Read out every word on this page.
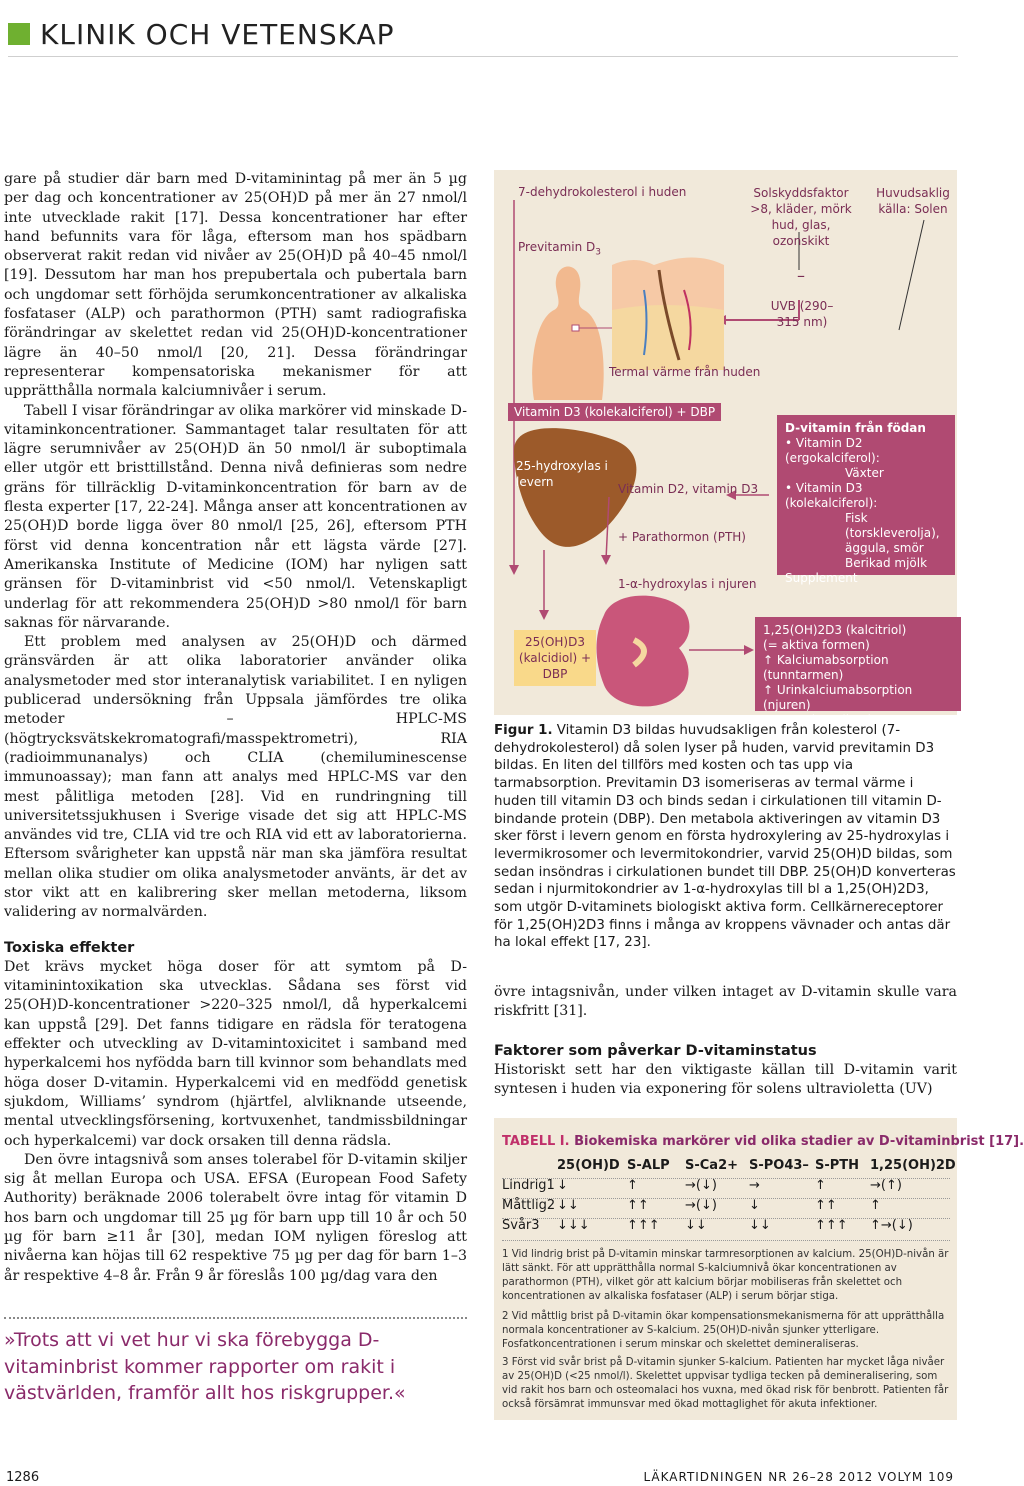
KLINIK OCH VETENSKAP

gare på studier där barn med D-vitaminintag på mer än 5 µg per dag och koncentrationer av 25(OH)D på mer än 27 nmol/l inte utvecklade rakit [17]. Dessa koncentrationer har efter hand befunnits vara för låga, eftersom man hos spädbarn observerat rakit redan vid nivåer av 25(OH)D på 40–45 nmol/l [19]. Dessutom har man hos prepubertala och pubertala barn och ungdomar sett förhöjda serumkoncentrationer av alkaliska fosfataser (ALP) och parathormon (PTH) samt radiografiska förändringar av skelettet redan vid 25(OH)D-koncentrationer lägre än 40–50 nmol/l [20, 21]. Dessa förändringar representerar kompensatoriska mekanismer för att upprätthålla normala kalciumnivåer i serum.

Tabell I visar förändringar av olika markörer vid minskade D-vitaminkoncentrationer. Sammantaget talar resultaten för att lägre serumnivåer av 25(OH)D än 50 nmol/l är suboptimala eller utgör ett bristtillstånd. Denna nivå definieras som nedre gräns för tillräcklig D-vitaminkoncentration för barn av de flesta experter [17, 22-24]. Många anser att koncentrationen av 25(OH)D borde ligga över 80 nmol/l [25, 26], eftersom PTH först vid denna koncentration når ett lägsta värde [27]. Amerikanska Institute of Medicine (IOM) har nyligen satt gränsen för D-vitaminbrist vid <50 nmol/l. Vetenskapligt underlag för att rekommendera 25(OH)D >80 nmol/l för barn saknas för närvarande.

Ett problem med analysen av 25(OH)D och därmed gränsvärden är att olika laboratorier använder olika analysmetoder med stor interanalytisk variabilitet. I en nyligen publicerad undersökning från Uppsala jämfördes tre olika metoder – HPLC-MS (högtrycksvätskekromatografi/masspektrometri), RIA (radioimmunanalys) och CLIA (chemiluminescense immunoassay); man fann att analys med HPLC-MS var den mest pålitliga metoden [28]. Vid en rundringning till universitetssjukhusen i Sverige visade det sig att HPLC-MS användes vid tre, CLIA vid tre och RIA vid ett av laboratorierna. Eftersom svårigheter kan uppstå när man ska jämföra resultat mellan olika studier om olika analysmetoder använts, är det av stor vikt att en kalibrering sker mellan metoderna, liksom validering av normalvärden.

Toxiska effekter

Det krävs mycket höga doser för att symtom på D-vitaminintoxikation ska utvecklas. Sådana ses först vid 25(OH)D-koncentrationer >220–325 nmol/l, då hyperkalcemi kan uppstå [29]. Det fanns tidigare en rädsla för teratogena effekter och utveckling av D-vitamintoxicitet i samband med hyperkalcemi hos nyfödda barn till kvinnor som behandlats med höga doser D-vitamin. Hyperkalcemi vid en medfödd genetisk sjukdom, Williams’ syndrom (hjärtfel, alvliknande utseende, mental utvecklingsförsening, kortvuxenhet, tandmissbildningar och hyperkalcemi) var dock orsaken till denna rädsla.

Den övre intagsnivå som anses tolerabel för D-vitamin skiljer sig åt mellan Europa och USA. EFSA (European Food Safety Authority) beräknade 2006 tolerabelt övre intag för vitamin D hos barn och ungdomar till 25 µg för barn upp till 10 år och 50 µg för barn ≥11 år [30], medan IOM nyligen föreslog att nivåerna kan höjas till 62 respektive 75 µg per dag för barn 1–3 år respektive 4–8 år. Från 9 år föreslås 100 µg/dag vara den

»Trots att vi vet hur vi ska förebygga D-vitaminbrist kommer rapporter om rakit i västvärlden, framför allt hos riskgrupper.«
7-dehydrokolesterol i huden
Previtamin $D_3$
Solskyddsfaktor >8, kläder, mörk hud, glas, ozonskikt
Huvudsaklig källa: Solen
–
UVB (290–315 nm)
Termal värme från huden
Vitamin D3 (kolekalciferol) + DBP
25-hydroxylas i levern	Vitamin D2, vitamin D3
+ Parathormon (PTH)
1-α-hydroxylas i njuren
25(OH)D3 (kalcidiol) + DBP
D-vitamin från födan
• Vitamin D2 (ergokalciferol):
Växter
• Vitamin D3 (kolekalciferol):
Fisk
(torskleverolja),
äggula, smör
Berikad mjölk
Supplement
1,25(OH)2D3 (kalcitriol)
(= aktiva formen)
↑ Kalciumabsorption (tunntarmen)
↑ Urinkalciumabsorption (njuren)
↑ Benmineralisering
Figur 1. Vitamin D3 bildas huvudsakligen från kolesterol (7-dehydrokolesterol) då solen lyser på huden, varvid previtamin D3 bildas. En liten del tillförs med kosten och tas upp via tarmabsorption. Previtamin D3 isomeriseras av termal värme i huden till vitamin D3 och binds sedan i cirkulationen till vitamin D-bindande protein (DBP). Den metabola aktiveringen av vitamin D3 sker först i levern genom en första hydroxylering av 25-hydroxylas i levermikrosomer och levermitokondrier, varvid 25(OH)D bildas, som sedan insöndras i cirkulationen bundet till DBP. 25(OH)D konverteras sedan i njurmitokondrier av 1-α-hydroxylas till bl a 1,25(OH)2D3, som utgör D-vitaminets biologiskt aktiva form. Cellkärnereceptorer för 1,25(OH)2D3 finns i många av kroppens vävnader och antas där ha lokal effekt [17, 23].

övre intagsnivån, under vilken intaget av D-vitamin skulle vara riskfritt [31].

Faktorer som påverkar D-vitaminstatus

Historiskt sett har den viktigaste källan till D-vitamin varit syntesen i huden via exponering för solens ultravioletta (UV)

TABELL I. Biokemiska markörer vid olika stadier av D-vitaminbrist [17].
25(OH)D S-ALP S-Ca2+ S-PO43– S-PTH 1,25(OH)2D
Lindrig1 ↓	↑	→(↓) →	↑	→(↑)
Måttlig2 ↓↓	↑↑	→(↓) ↓	↑↑	↑
Svår3 ↓↓↓	↑↑↑ ↓↓	↓↓	↑↑↑ ↑→(↓)
1 Vid lindrig brist på D-vitamin minskar tarmresorptionen av kalcium. 25(OH)D-nivån är lätt sänkt. För att upprätthålla normal S-kalciumnivå ökar koncentrationen av parathormon (PTH), vilket gör att kalcium börjar mobiliseras från skelettet och koncentrationen av alkaliska fosfataser (ALP) i serum börjar stiga.
2 Vid måttlig brist på D-vitamin ökar kompensationsmekanismerna för att upprätthålla normala koncentrationer av S-kalcium. 25(OH)D-nivån sjunker ytterligare. Fosfatkoncentrationen i serum minskar och skelettet demineraliseras.
3 Först vid svår brist på D-vitamin sjunker S-kalcium. Patienten har mycket låga nivåer av 25(OH)D (<25 nmol/l). Skelettet uppvisar tydliga tecken på demineralisering, som vid rakit hos barn och osteomalaci hos vuxna, med ökad risk för benbrott. Patienten får också försämrat immunsvar med ökad mottaglighet för akuta infektioner.
1286	LÄKARTIDNINGEN NR 26–28 2012 VOLYM 109
